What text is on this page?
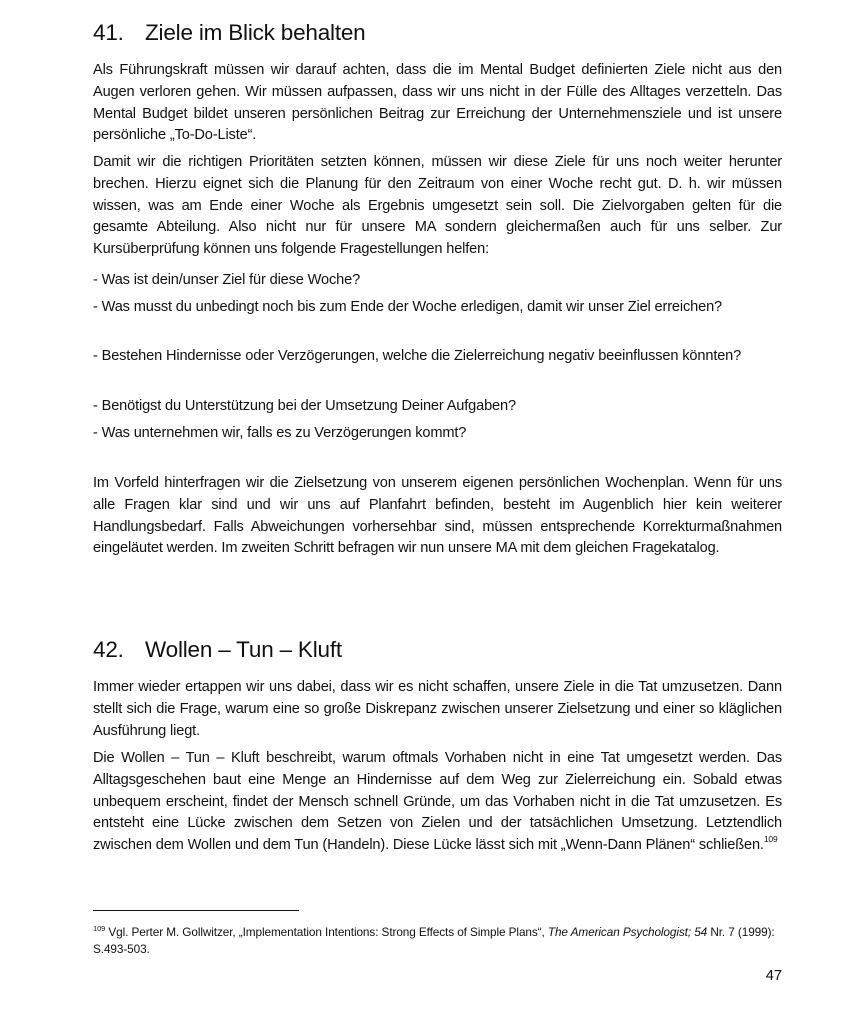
41. Ziele im Blick behalten

Als Führungskraft müssen wir darauf achten, dass die im Mental Budget definierten Ziele nicht aus den Augen verloren gehen. Wir müssen aufpassen, dass wir uns nicht in der Fülle des Alltages verzetteln. Das Mental Budget bildet unseren persönlichen Beitrag zur Erreichung der Unternehmensziele und ist unsere persönliche „To-Do-Liste“.

Damit wir die richtigen Prioritäten setzten können, müssen wir diese Ziele für uns noch weiter herunter brechen. Hierzu eignet sich die Planung für den Zeitraum von einer Woche recht gut. D. h. wir müssen wissen, was am Ende einer Woche als Ergebnis umgesetzt sein soll. Die Zielvorgaben gelten für die gesamte Abteilung. Also nicht nur für unsere MA sondern gleichermaßen auch für uns selber. Zur Kursüberprüfung können uns folgende Fragestellungen helfen:

- Was ist dein/unser Ziel für diese Woche?

- Was musst du unbedingt noch bis zum Ende der Woche erledigen, damit wir unser Ziel erreichen?

- Bestehen Hindernisse oder Verzögerungen, welche die Zielerreichung negativ beeinflussen könnten?

- Benötigst du Unterstützung bei der Umsetzung Deiner Aufgaben?

- Was unternehmen wir, falls es zu Verzögerungen kommt?

Im Vorfeld hinterfragen wir die Zielsetzung von unserem eigenen persönlichen Wochenplan. Wenn für uns alle Fragen klar sind und wir uns auf Planfahrt befinden, besteht im Augenblich hier kein weiterer Handlungsbedarf. Falls Abweichungen vorhersehbar sind, müssen entsprechende Korrekturmaßnahmen eingeläutet werden. Im zweiten Schritt befragen wir nun unsere MA mit dem gleichen Fragekatalog.

42. Wollen – Tun – Kluft

Immer wieder ertappen wir uns dabei, dass wir es nicht schaffen, unsere Ziele in die Tat umzusetzen. Dann stellt sich die Frage, warum eine so große Diskrepanz zwischen unserer Zielsetzung und einer so kläglichen Ausführung liegt.

Die Wollen – Tun – Kluft beschreibt, warum oftmals Vorhaben nicht in eine Tat umgesetzt werden. Das Alltagsgeschehen baut eine Menge an Hindernisse auf dem Weg zur Zielerreichung ein. Sobald etwas unbequem erscheint, findet der Mensch schnell Gründe, um das Vorhaben nicht in die Tat umzusetzen. Es entsteht eine Lücke zwischen dem Setzen von Zielen und der tatsächlichen Umsetzung. Letztendlich zwischen dem Wollen und dem Tun (Handeln). Diese Lücke lässt sich mit „Wenn-Dann Plänen“ schließen.$^{109}$

$^{109}$ Vgl. Perter M. Gollwitzer, „Implementation Intentions: Strong Effects of Simple Plans“, The American Psychologist; 54 Nr. 7 (1999): S.493-503.

47
